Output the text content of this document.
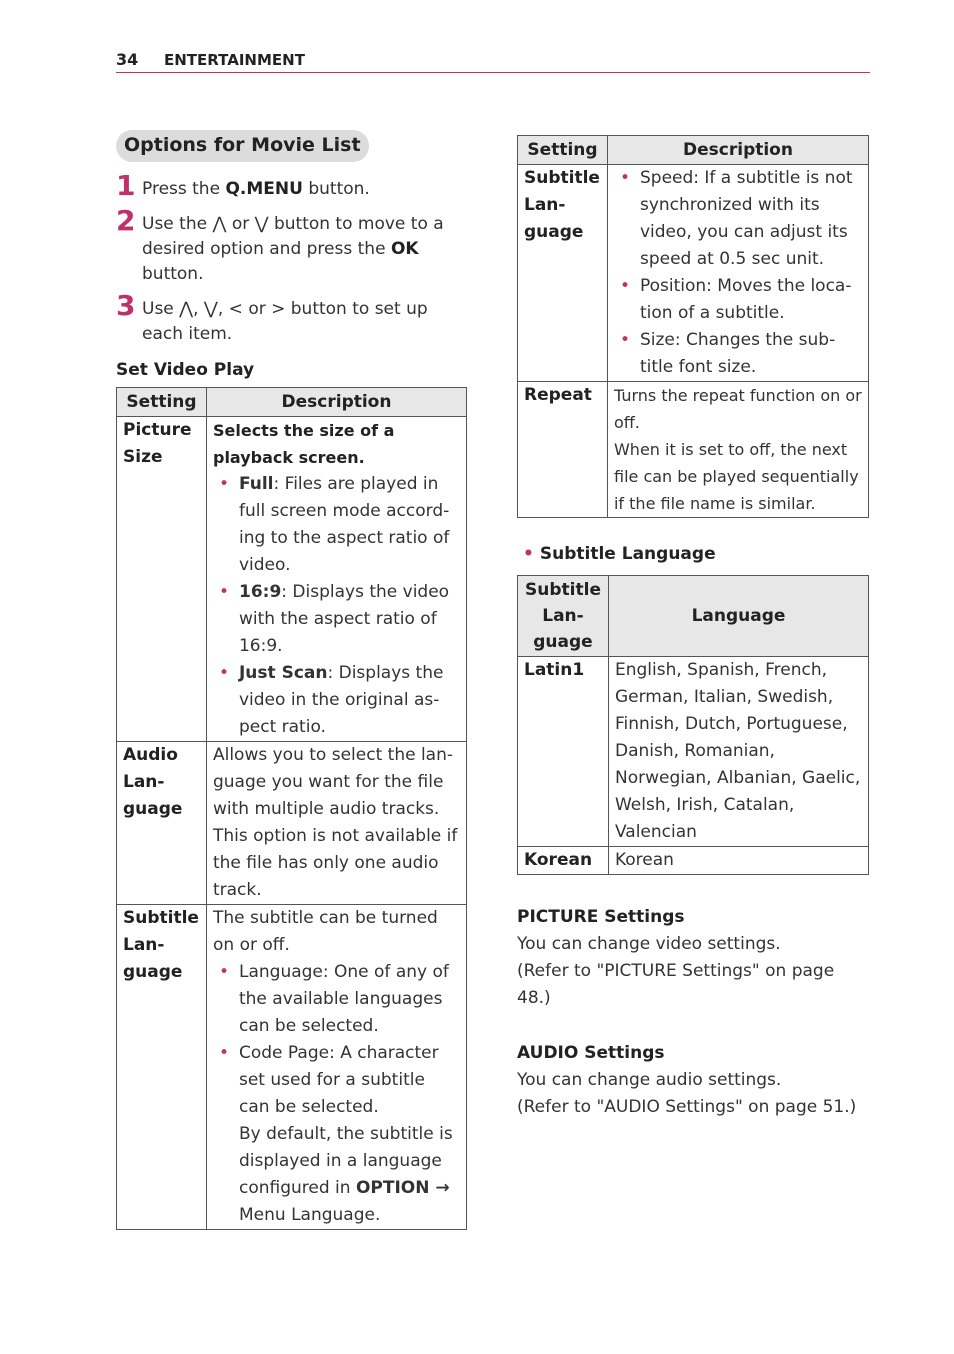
34 ENTERTAINMENT
Options for Movie List
1 Press the Q.MENU button.
2 Use the ⋀ or ⋁ button to move to a desired option and press the OK button.
3 Use ⋀, ⋁, < or > button to set up each item.
Set Video Play
Setting	Description
Picture Size	Selects the size of a playback screen.
• Full: Files are played in full screen mode accord-ing to the aspect ratio of video.
• 16:9: Displays the video with the aspect ratio of 16:9.
• Just Scan: Displays the video in the original as-pect ratio.

Audio Lan-guage	Allows you to select the lan-guage you want for the file with multiple audio tracks. This option is not available if the file has only one audio track.
Subtitle Lan-guage	The subtitle can be turned on or off.
• Language: One of any of the available languages can be selected.
• Code Page: A character set used for a subtitle can be selected.
By default, the subtitle is displayed in a language configured in OPTION → Menu Language.
Setting	Description
Subtitle Lan-guage	• Speed: If a subtitle is not synchronized with its video, you can adjust its speed at 0.5 sec unit.
• Position: Moves the loca-tion of a subtitle.
• Size: Changes the sub-title font size.

Repeat	Turns the repeat function on or off.
When it is set to off, the next file can be played sequentially if the file name is similar.
• Subtitle Language
Subtitle Lan-guage	Language
Latin1	English, Spanish, French, German, Italian, Swedish, Finnish, Dutch, Portuguese, Danish, Romanian, Norwegian, Albanian, Gaelic, Welsh, Irish, Catalan, Valencian
Korean	Korean
PICTURE Settings
You can change video settings.
(Refer to "PICTURE Settings" on page 48.)
AUDIO Settings
You can change audio settings.
(Refer to "AUDIO Settings" on page 51.)
